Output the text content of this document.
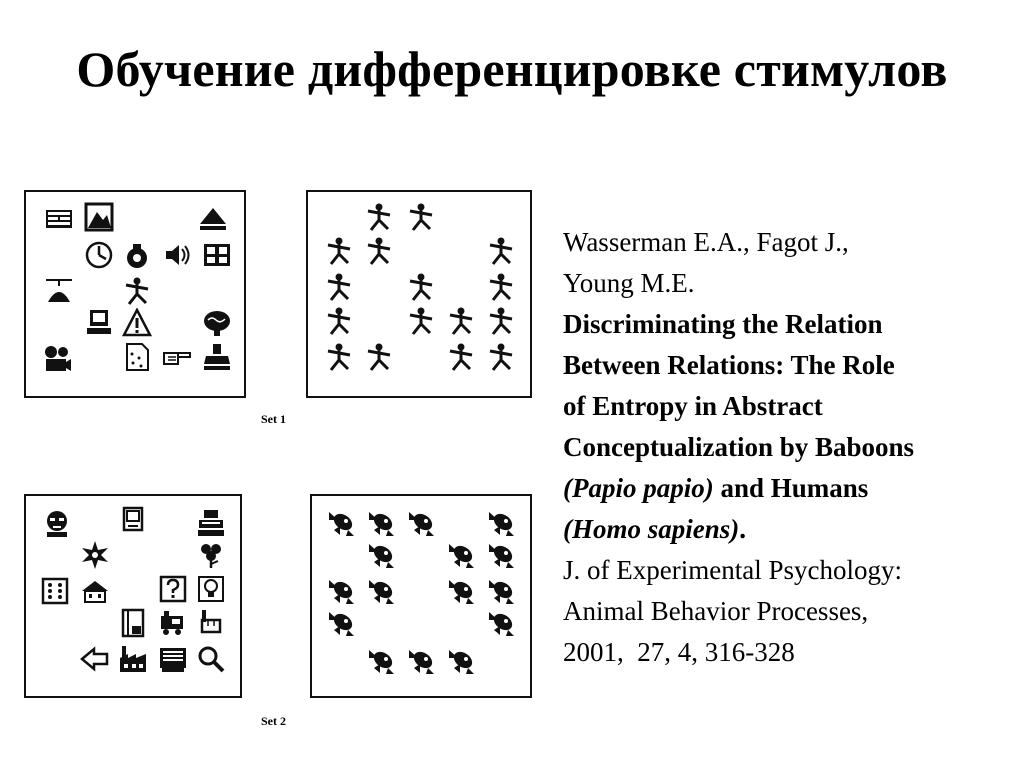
Обучение дифференцировке стимулов
Set 1
Set 2
Wasserman E.A., Fagot J.,
Young M.E.
Discriminating the Relation
Between Relations: The Role
of Entropy in Abstract
Conceptualization by Baboons
(Papio papio) and Humans
(Homo sapiens).
J. of Experimental Psychology:
Animal Behavior Processes,
2001,  27, 4, 316-328
